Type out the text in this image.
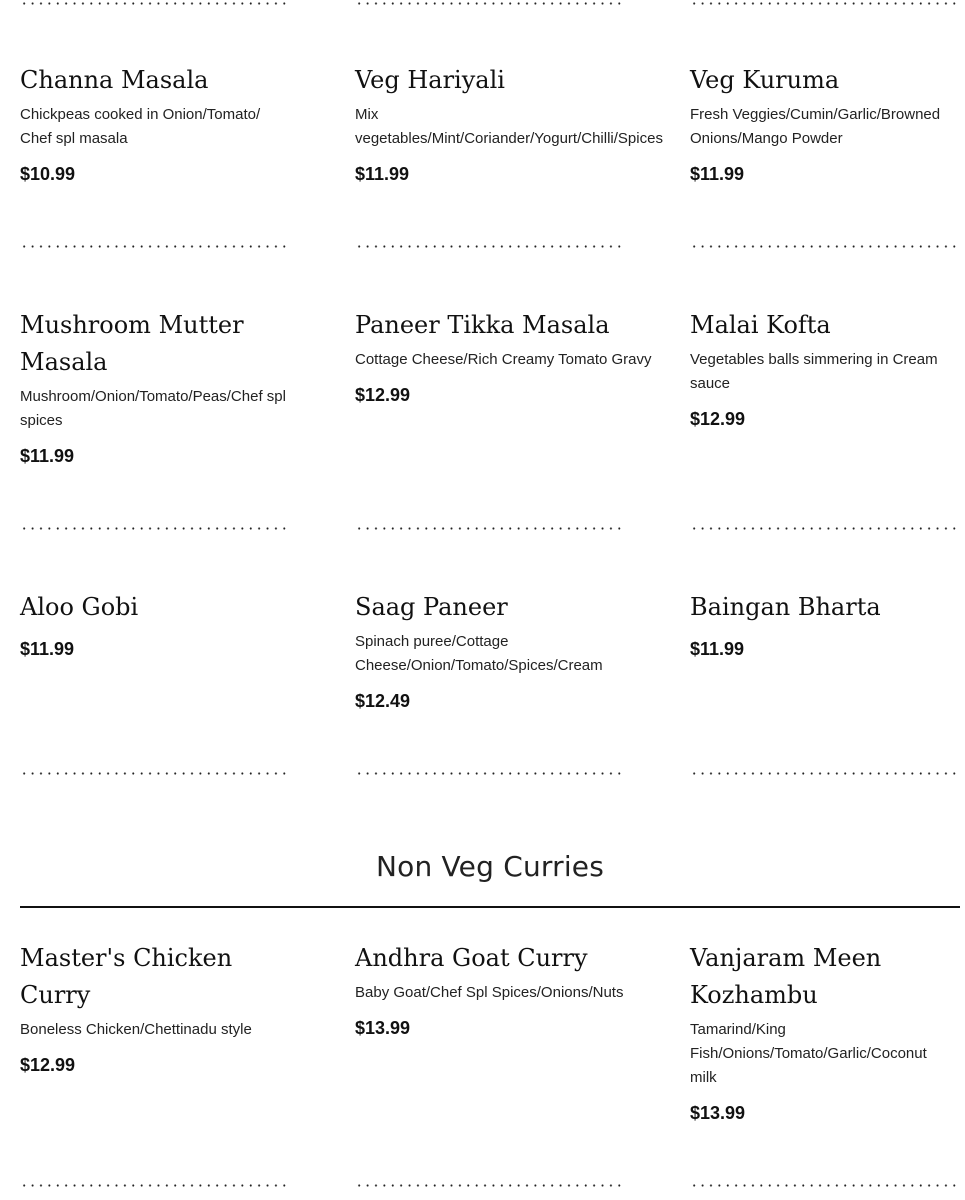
Channa Masala

Chickpeas cooked in Onion/Tomato/ Chef spl masala

$10.99

Veg Hariyali

Mix vegetables/Mint/Coriander/Yogurt/Chilli/Spices

$11.99

Veg Kuruma

Fresh Veggies/Cumin/Garlic/Browned Onions/Mango Powder

$11.99

Mushroom Mutter Masala

Mushroom/Onion/Tomato/Peas/Chef spl spices

$11.99

Paneer Tikka Masala

Cottage Cheese/Rich Creamy Tomato Gravy

$12.99

Malai Kofta

Vegetables balls simmering in Cream sauce

$12.99

Aloo Gobi

$11.99

Saag Paneer

Spinach puree/Cottage Cheese/Onion/Tomato/Spices/Cream

$12.49

Baingan Bharta

$11.99

Non Veg Curries
Master's Chicken Curry

Boneless Chicken/Chettinadu style

$12.99

Andhra Goat Curry

Baby Goat/Chef Spl Spices/Onions/Nuts

$13.99

Vanjaram Meen Kozhambu

Tamarind/King Fish/Onions/Tomato/Garlic/Coconut milk

$13.99
